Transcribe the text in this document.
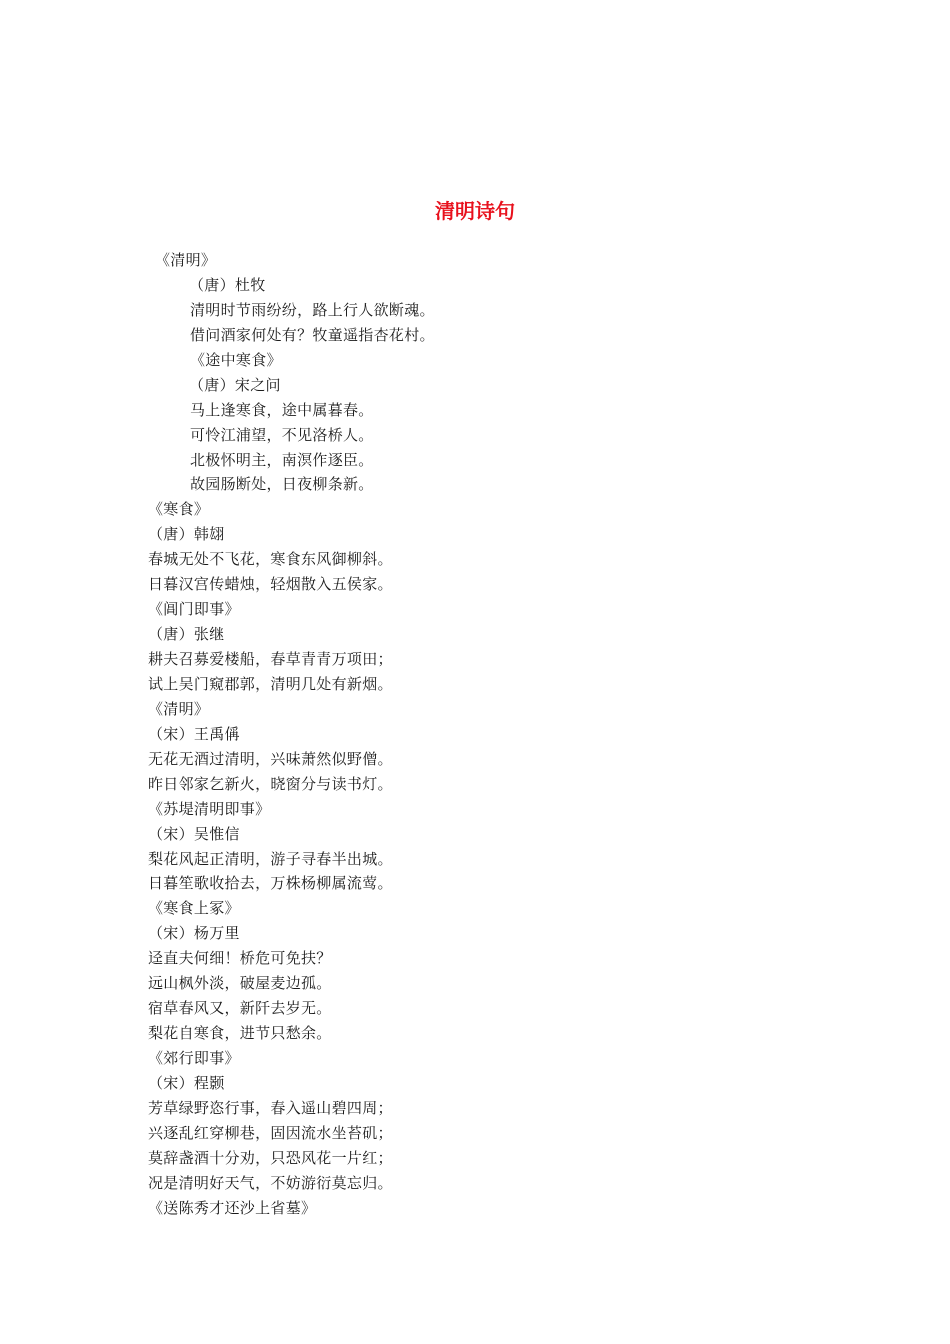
清明诗句
《清明》
（唐）杜牧
清明时节雨纷纷，路上行人欲断魂。
借问酒家何处有？牧童遥指杏花村。
《途中寒食》
（唐）宋之问
马上逢寒食，途中属暮春。
可怜江浦望，不见洛桥人。
北极怀明主，南溟作逐臣。
故园肠断处，日夜柳条新。
《寒食》
（唐）韩翃
春城无处不飞花，寒食东风御柳斜。
日暮汉宫传蜡烛，轻烟散入五侯家。
《阊门即事》
（唐）张继
耕夫召募爱楼船，春草青青万项田；
试上吴门窥郡郭，清明几处有新烟。
《清明》
（宋）王禹偁
无花无酒过清明，兴味萧然似野僧。
昨日邻家乞新火，晓窗分与读书灯。
《苏堤清明即事》
（宋）吴惟信
梨花风起正清明，游子寻春半出城。
日暮笙歌收拾去，万株杨柳属流莺。
《寒食上冢》
（宋）杨万里
迳直夫何细！桥危可免扶？
远山枫外淡，破屋麦边孤。
宿草春风又，新阡去岁无。
梨花自寒食，进节只愁余。
《郊行即事》
（宋）程颢
芳草绿野恣行事，春入遥山碧四周；
兴逐乱红穿柳巷，固因流水坐苔矶；
莫辞盏酒十分劝，只恐风花一片红；
况是清明好天气，不妨游衍莫忘归。
《送陈秀才还沙上省墓》
